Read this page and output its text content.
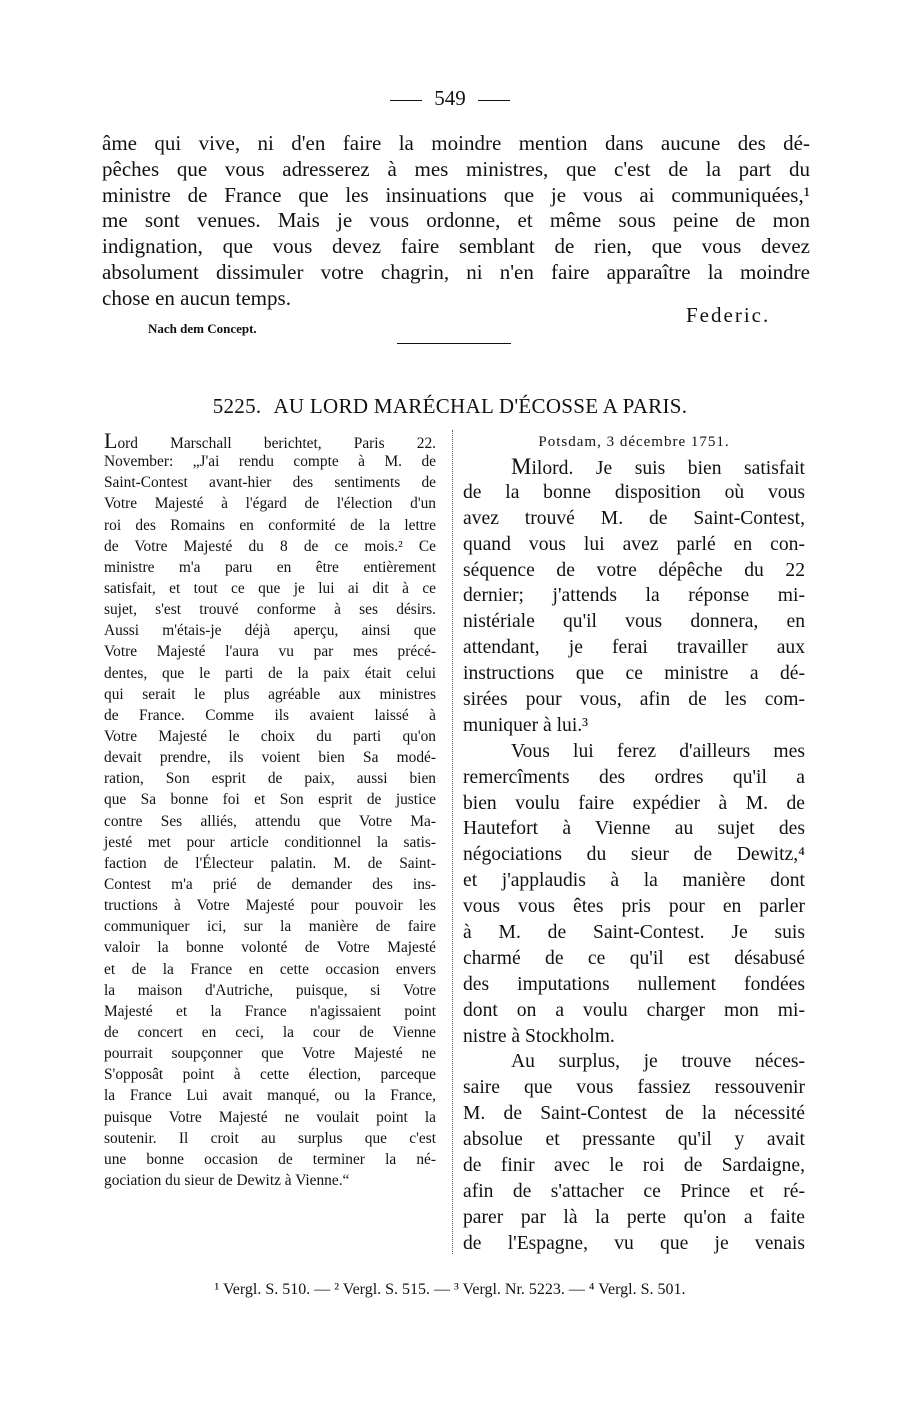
549
âme qui vive, ni d'en faire la moindre mention dans aucune des dé-
pêches que vous adresserez à mes ministres, que c'est de la part du
ministre de France que les insinuations que je vous ai communiquées,¹
me sont venues. Mais je vous ordonne, et même sous peine de mon
indignation, que vous devez faire semblant de rien, que vous devez
absolument dissimuler votre chagrin, ni n'en faire apparaître la moindre
chose en aucun temps.
Federic.
Nach dem Concept.
5225. AU LORD MARÉCHAL D'ÉCOSSE A PARIS.
Lord Marschall berichtet, Paris 22.
November: „J'ai rendu compte à M. de
Saint-Contest avant-hier des sentiments de
Votre Majesté à l'égard de l'élection d'un
roi des Romains en conformité de la lettre
de Votre Majesté du 8 de ce mois.² Ce
ministre m'a paru en être entièrement
satisfait, et tout ce que je lui ai dit à ce
sujet, s'est trouvé conforme à ses désirs.
Aussi m'étais-je déjà aperçu, ainsi que
Votre Majesté l'aura vu par mes précé-
dentes, que le parti de la paix était celui
qui serait le plus agréable aux ministres
de France. Comme ils avaient laissé à
Votre Majesté le choix du parti qu'on
devait prendre, ils voient bien Sa modé-
ration, Son esprit de paix, aussi bien
que Sa bonne foi et Son esprit de justice
contre Ses alliés, attendu que Votre Ma-
jesté met pour article conditionnel la satis-
faction de l'Électeur palatin. M. de Saint-
Contest m'a prié de demander des ins-
tructions à Votre Majesté pour pouvoir les
communiquer ici, sur la manière de faire
valoir la bonne volonté de Votre Majesté
et de la France en cette occasion envers
la maison d'Autriche, puisque, si Votre
Majesté et la France n'agissaient point
de concert en ceci, la cour de Vienne
pourrait soupçonner que Votre Majesté ne
S'opposât point à cette élection, parceque
la France Lui avait manqué, ou la France,
puisque Votre Majesté ne voulait point la
soutenir. Il croit au surplus que c'est
une bonne occasion de terminer la né-
gociation du sieur de Dewitz à Vienne.“
Potsdam, 3 décembre 1751.
Milord. Je suis bien satisfait
de la bonne disposition où vous
avez trouvé M. de Saint-Contest,
quand vous lui avez parlé en con-
séquence de votre dépêche du 22
dernier; j'attends la réponse mi-
nistériale qu'il vous donnera, en
attendant, je ferai travailler aux
instructions que ce ministre a dé-
sirées pour vous, afin de les com-
muniquer à lui.³
Vous lui ferez d'ailleurs mes
remercîments des ordres qu'il a
bien voulu faire expédier à M. de
Hautefort à Vienne au sujet des
négociations du sieur de Dewitz,⁴
et j'applaudis à la manière dont
vous vous êtes pris pour en parler
à M. de Saint-Contest. Je suis
charmé de ce qu'il est désabusé
des imputations nullement fondées
dont on a voulu charger mon mi-
nistre à Stockholm.
Au surplus, je trouve néces-
saire que vous fassiez ressouvenir
M. de Saint-Contest de la nécessité
absolue et pressante qu'il y avait
de finir avec le roi de Sardaigne,
afin de s'attacher ce Prince et ré-
parer par là la perte qu'on a faite
de l'Espagne, vu que je venais
¹ Vergl. S. 510. — ² Vergl. S. 515. — ³ Vergl. Nr. 5223. — ⁴ Vergl. S. 501.
